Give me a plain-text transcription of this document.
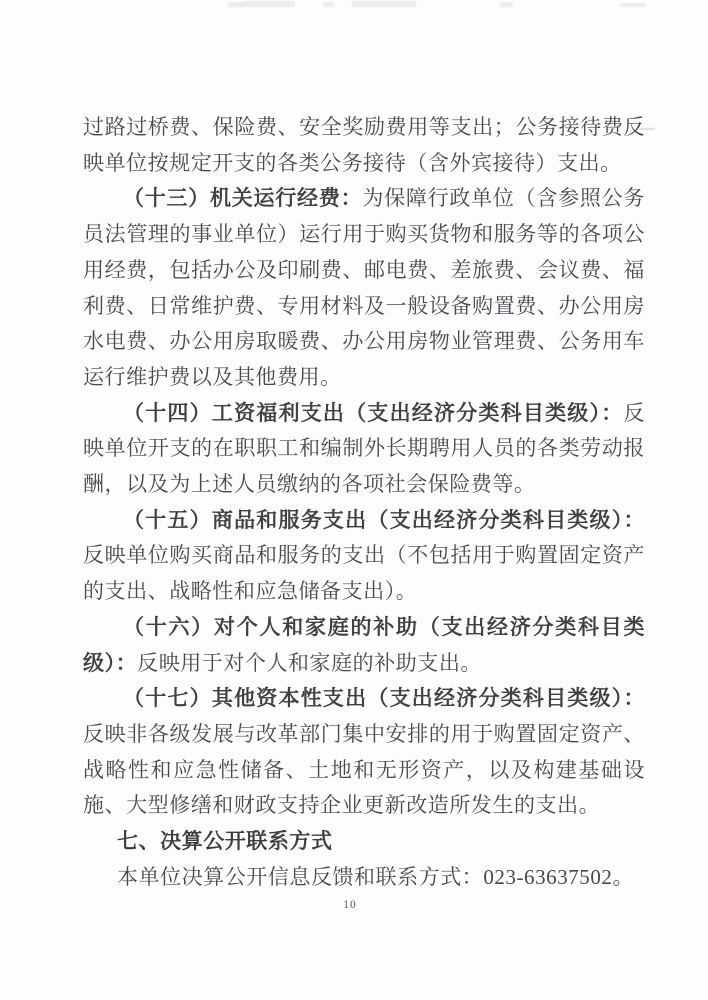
过路过桥费、保险费、安全奖励费用等支出；公务接待费反映单位按规定开支的各类公务接待（含外宾接待）支出。

（十三）机关运行经费：为保障行政单位（含参照公务员法管理的事业单位）运行用于购买货物和服务等的各项公用经费，包括办公及印刷费、邮电费、差旅费、会议费、福利费、日常维护费、专用材料及一般设备购置费、办公用房水电费、办公用房取暖费、办公用房物业管理费、公务用车运行维护费以及其他费用。

（十四）工资福利支出（支出经济分类科目类级）：反映单位开支的在职职工和编制外长期聘用人员的各类劳动报酬，以及为上述人员缴纳的各项社会保险费等。

（十五）商品和服务支出（支出经济分类科目类级）：反映单位购买商品和服务的支出（不包括用于购置固定资产的支出、战略性和应急储备支出）。

（十六）对个人和家庭的补助（支出经济分类科目类级）：反映用于对个人和家庭的补助支出。

（十七）其他资本性支出（支出经济分类科目类级）：反映非各级发展与改革部门集中安排的用于购置固定资产、战略性和应急性储备、土地和无形资产，以及构建基础设施、大型修缮和财政支持企业更新改造所发生的支出。

七、决算公开联系方式

本单位决算公开信息反馈和联系方式：023-63637502。

10
